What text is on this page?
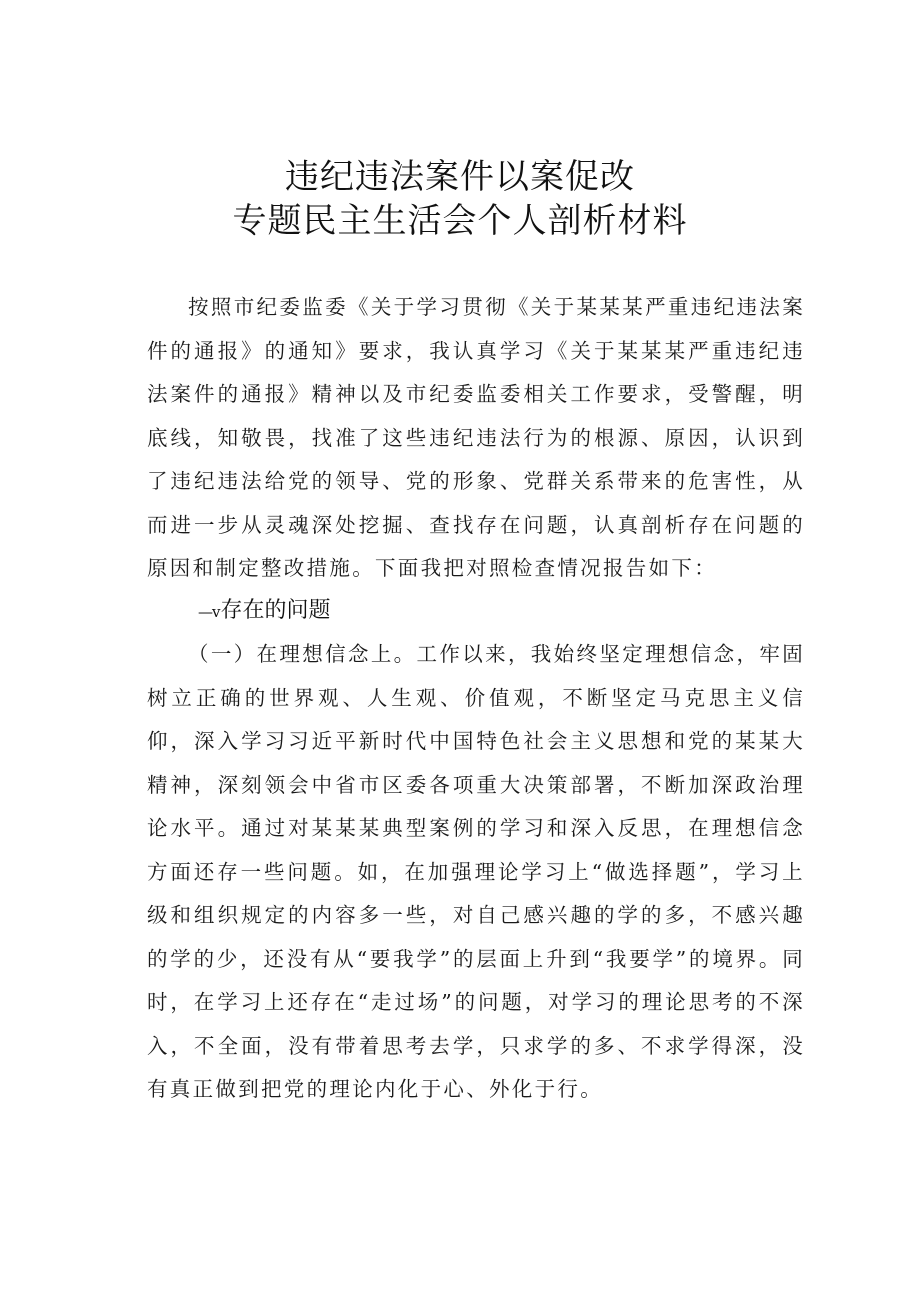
违纪违法案件以案促改
专题民主生活会个人剖析材料
按照市纪委监委《关于学习贯彻《关于某某某严重违纪违法案件的通报》的通知》要求，我认真学习《关于某某某严重违纪违法案件的通报》精神以及市纪委监委相关工作要求，受警醒，明底线，知敬畏，找准了这些违纪违法行为的根源、原因，认识到了违纪违法给党的领导、党的形象、党群关系带来的危害性，从而进一步从灵魂深处挖掘、查找存在问题，认真剖析存在问题的原因和制定整改措施。下面我把对照检查情况报告如下：
—v存在的问题
（一）在理想信念上。工作以来，我始终坚定理想信念，牢固树立正确的世界观、人生观、价值观，不断坚定马克思主义信仰，深入学习习近平新时代中国特色社会主义思想和党的某某大精神，深刻领会中省市区委各项重大决策部署，不断加深政治理论水平。通过对某某某典型案例的学习和深入反思，在理想信念方面还存一些问题。如，在加强理论学习上“做选择题”，学习上级和组织规定的内容多一些，对自己感兴趣的学的多，不感兴趣的学的少，还没有从“要我学”的层面上升到“我要学”的境界。同时，在学习上还存在“走过场”的问题，对学习的理论思考的不深入，不全面，没有带着思考去学，只求学的多、不求学得深，没有真正做到把党的理论内化于心、外化于行。
